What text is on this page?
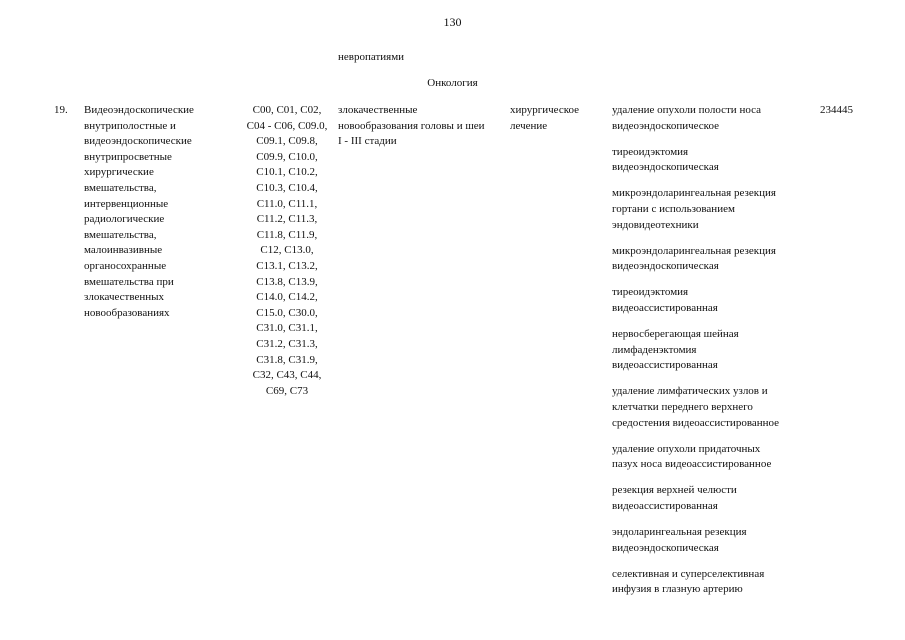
130
невропатиями
Онкология
19. Видеоэндоскопические
внутриполостные и
видеоэндоскопические
внутрипросветные
хирургические
вмешательства,
интервенционные
радиологические
вмешательства,
малоинвазивные
органосохранные
вмешательства при
злокачественных
новообразованиях
C00, C01, C02,
C04 - C06, C09.0,
C09.1, C09.8,
C09.9, C10.0,
C10.1, C10.2,
C10.3, C10.4,
C11.0, C11.1,
C11.2, C11.3,
C11.8, C11.9,
C12, C13.0,
C13.1, C13.2,
C13.8, C13.9,
C14.0, C14.2,
C15.0, C30.0,
C31.0, C31.1,
C31.2, C31.3,
C31.8, C31.9,
C32, C43, C44,
C69, C73
злокачественные
новообразования головы и шеи
I - III стадии
хирургическое
лечение
удаление опухоли полости носа
видеоэндоскопическое
тиреоидэктомия
видеоэндоскопическая
микроэндоларингеальная резекция
гортани с использованием
эндовидеотехники
микроэндоларингеальная резекция
видеоэндоскопическая
тиреоидэктомия
видеоассистированная
нервосберегающая шейная
лимфаденэктомия
видеоассистированная
удаление лимфатических узлов и
клетчатки переднего верхнего
средостения видеоассистированное
удаление опухоли придаточных
пазух носа видеоассистированное
резекция верхней челюсти
видеоассистированная
эндоларингеальная резекция
видеоэндоскопическая
селективная и суперселективная
инфузия в глазную артерию
234445
